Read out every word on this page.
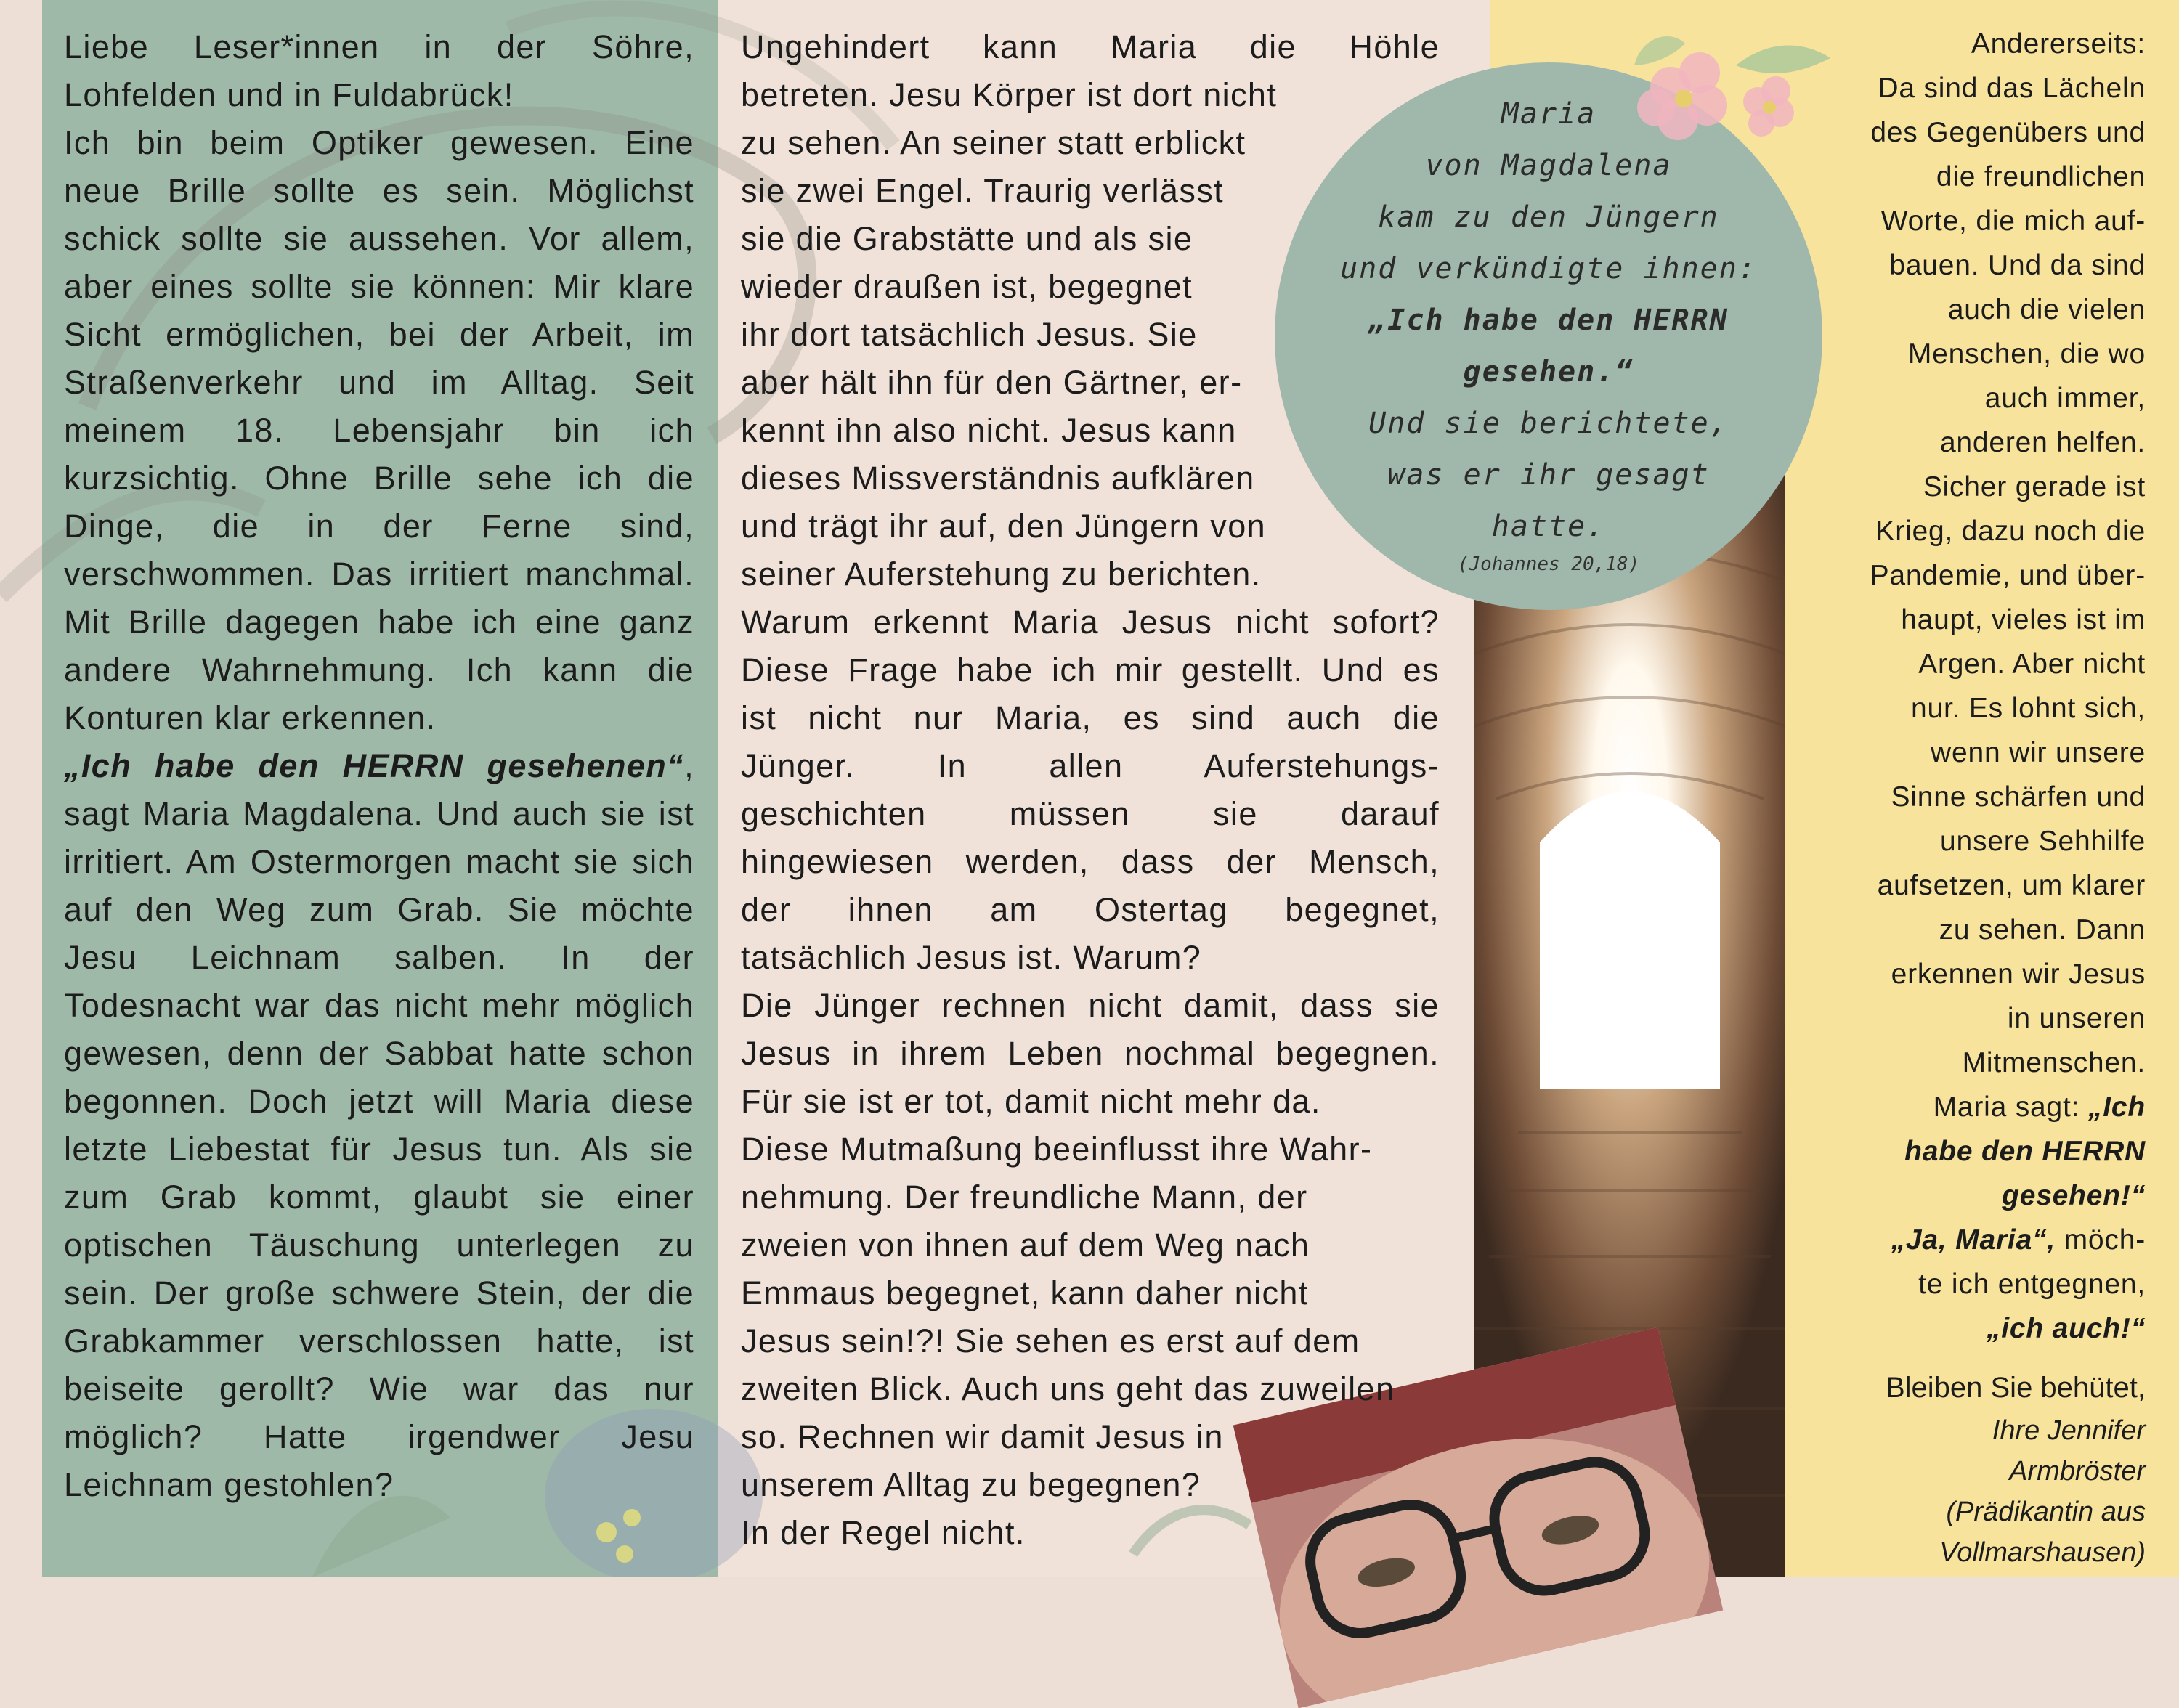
Maria
von Magdalena
kam zu den Jüngern
und verkündigte ihnen:
„Ich habe den HERRN
gesehen.“
Und sie berichtete,
was er ihr gesagt
hatte.
(Johannes 20,18)

Liebe Leser*innen in der Söhre, Lohfelden und in Fuldabrück!

Ich bin beim Optiker gewesen. Eine neue Brille sollte es sein. Möglichst schick sollte sie aussehen. Vor allem, aber eines sollte sie können: Mir klare Sicht ermöglichen, bei der Arbeit, im Straßenverkehr und im Alltag. Seit meinem 18. Lebensjahr bin ich kurzsichtig. Ohne Brille sehe ich die Dinge, die in der Ferne sind, verschwommen. Das irritiert manchmal. Mit Brille dagegen habe ich eine ganz andere Wahrnehmung. Ich kann die Konturen klar erkennen.

„Ich habe den HERRN gesehenen“, sagt Maria Magdalena. Und auch sie ist irritiert. Am Ostermorgen macht sie sich auf den Weg zum Grab. Sie möchte Jesu Leichnam salben. In der Todesnacht war das nicht mehr möglich gewesen, denn der Sabbat hatte schon begonnen. Doch jetzt will Maria diese letzte Liebestat für Jesus tun. Als sie zum Grab kommt, glaubt sie einer optischen Täuschung unterlegen zu sein. Der große schwere Stein, der die Grabkammer verschlossen hatte, ist beiseite gerollt? Wie war das nur möglich? Hatte irgendwer Jesu Leichnam gestohlen?

Ungehindert kann Maria die Höhle
betreten. Jesu Körper ist dort nicht
zu sehen. An seiner statt erblickt
sie zwei Engel. Traurig verlässt
sie die Grabstätte und als sie
wieder draußen ist, begegnet
ihr dort tatsächlich Jesus. Sie
aber hält ihn für den Gärtner, er-
kennt ihn also nicht. Jesus kann
dieses Missverständnis aufklären
und trägt ihr auf, den Jüngern von
seiner Auferstehung zu berichten.
Warum erkennt Maria Jesus nicht sofort?
Diese Frage habe ich mir gestellt. Und es
ist nicht nur Maria, es sind auch die
Jünger. In allen Auferstehungs-
geschichten müssen sie darauf
hingewiesen werden, dass der Mensch,
der ihnen am Ostertag begegnet,
tatsächlich Jesus ist. Warum?
Die Jünger rechnen nicht damit, dass sie
Jesus in ihrem Leben nochmal begegnen.
Für sie ist er tot, damit nicht mehr da.
Diese Mutmaßung beeinflusst ihre Wahr-
nehmung. Der freundliche Mann, der
zweien von ihnen auf dem Weg nach
Emmaus begegnet, kann daher nicht
Jesus sein!?! Sie sehen es erst auf dem
zweiten Blick. Auch uns geht das zuweilen
so. Rechnen wir damit Jesus in
unserem Alltag zu begegnen?
In der Regel nicht.
Andererseits:
Da sind das Lächeln
des Gegenübers und
die freundlichen
Worte, die mich auf-
bauen. Und da sind
auch die vielen
Menschen, die wo
auch immer,
anderen helfen.
Sicher gerade ist
Krieg, dazu noch die
Pandemie, und über-
haupt, vieles ist im
Argen. Aber nicht
nur. Es lohnt sich,
wenn wir unsere
Sinne schärfen und
unsere Sehhilfe
aufsetzen, um klarer
zu sehen. Dann
erkennen wir Jesus
in unseren
Mitmenschen.
Maria sagt: „Ich
habe den HERRN
gesehen!“
„Ja, Maria“, möch-
te ich entgegnen,
„ich auch!“
Bleiben Sie behütet,
Ihre Jennifer
Armbröster
(Prädikantin aus
Vollmarshausen)
